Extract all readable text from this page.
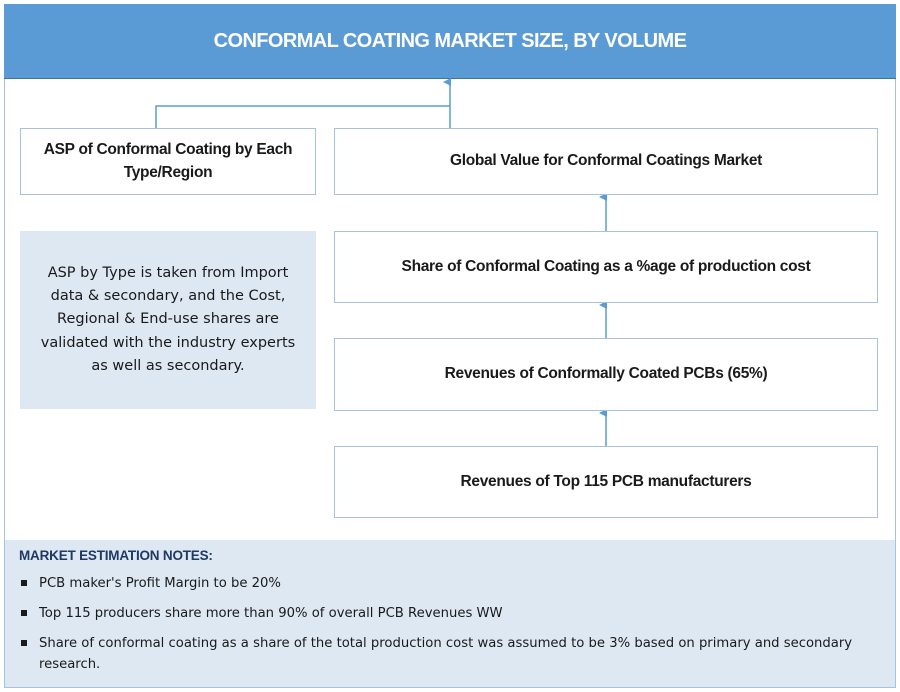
CONFORMAL COATING MARKET SIZE, BY VOLUME
ASP of Conformal Coating by Each Type/Region
ASP by Type is taken from Import data & secondary, and the Cost, Regional & End-use shares are validated with the industry experts as well as secondary.
Global Value for Conformal Coatings Market
Share of Conformal Coating as a %age of production cost
Revenues of Conformally Coated PCBs (65%)
Revenues of Top 115 PCB manufacturers
MARKET ESTIMATION NOTES:
PCB maker's Profit Margin to be 20%
Top 115 producers share more than 90% of overall PCB Revenues WW
Share of conformal coating as a share of the total production cost was assumed to be 3% based on primary and secondary research.
